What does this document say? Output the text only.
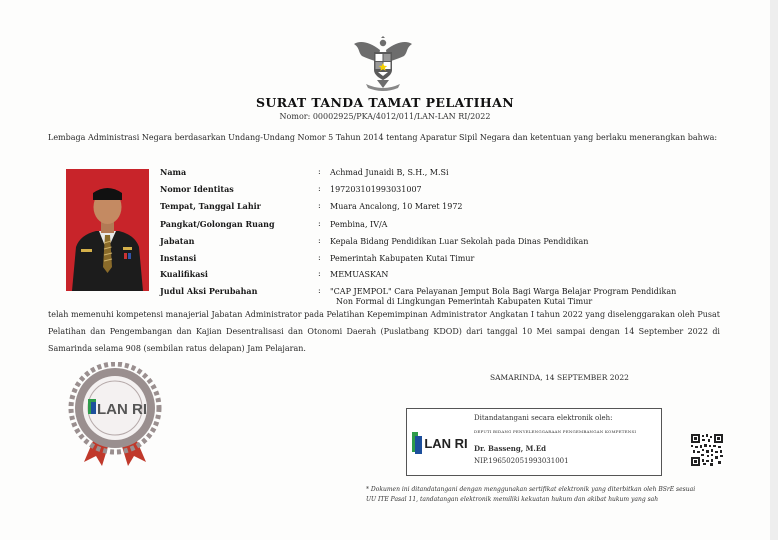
SURAT TANDA TAMAT PELATIHAN
Nomor: 00002925/PKA/4012/011/LAN-LAN RI/2022
Lembaga Administrasi Negara berdasarkan Undang-Undang Nomor 5 Tahun 2014 tentang Aparatur Sipil Negara dan ketentuan yang berlaku menerangkan bahwa:
Nama	: Achmad Junaidi B, S.H., M.Si
Nomor Identitas	: 197203101993031007
Tempat, Tanggal Lahir	: Muara Ancalong, 10 Maret 1972
Pangkat/Golongan Ruang	: Pembina, IV/A
Jabatan	: Kepala Bidang Pendidikan Luar Sekolah pada Dinas Pendidikan
Instansi	: Pemerintah Kabupaten Kutai Timur
Kualifikasi	: MEMUASKAN
Judul Aksi Perubahan	: "CAP JEMPOL" Cara Pelayanan Jemput Bola Bagi Warga Belajar Program Pendidikan
Non Formal di Lingkungan Pemerintah Kabupaten Kutai Timur
telah memenuhi kompetensi manajerial Jabatan Administrator pada Pelatihan Kepemimpinan Administrator Angkatan I tahun 2022 yang diselenggarakan oleh Pusat Pelatihan dan Pengembangan dan Kajian Desentralisasi dan Otonomi Daerah (Puslatbang KDOD) dari tanggal 10 Mei sampai dengan 14 September 2022 di Samarinda selama 908 (sembilan ratus delapan) Jam Pelajaran.
SAMARINDA, 14 SEPTEMBER 2022
LAN RI
LAN RI
Ditandatangani secara elektronik oleh:
DEPUTI BIDANG PENYELENGGARAAN PENGEMBANGAN KOMPETENSI
Dr. Basseng, M.Ed
NIP.196502051993031001
* Dokumen ini ditandatangani dengan menggunakan sertifikat elektronik yang diterbitkan oleh BSrE sesuai UU ITE Pasal 11, tandatangan elektronik memiliki kekuatan hukum dan akibat hukum yang sah
